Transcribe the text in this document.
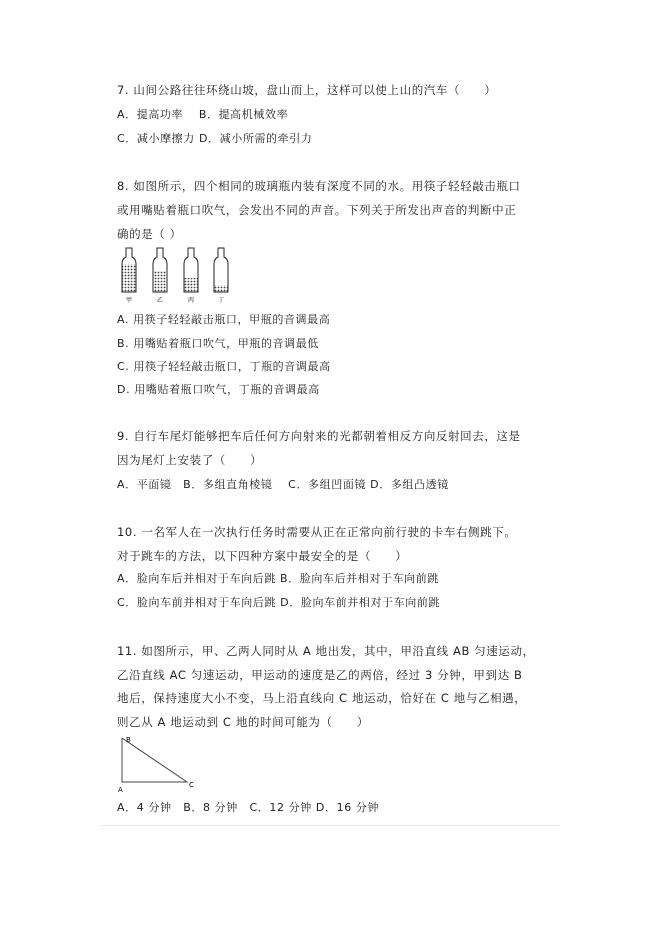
7. 山间公路往往环绕山坡，盘山而上，这样可以使上山的汽车（　　）
A．提高功率　 B．提高机械效率
C．减小摩擦力 D．减小所需的牵引力
8. 如图所示，四个相同的玻璃瓶内装有深度不同的水。用筷子轻轻敲击瓶口
或用嘴贴着瓶口吹气，会发出不同的声音。下列关于所发出声音的判断中正
确的是（ ）
甲	乙	丙	丁
A. 用筷子轻轻敲击瓶口，甲瓶的音调最高
B. 用嘴贴着瓶口吹气，甲瓶的音调最低
C. 用筷子轻轻敲击瓶口，丁瓶的音调最高
D. 用嘴贴着瓶口吹气，丁瓶的音调最高
9. 自行车尾灯能够把车后任何方向射来的光都朝着相反方向反射回去，这是
因为尾灯上安装了（　　）
A．平面镜　B．多组直角棱镜　 C．多组凹面镜 D．多组凸透镜
10. 一名军人在一次执行任务时需要从正在正常向前行驶的卡车右侧跳下。
对于跳车的方法，以下四种方案中最安全的是（　　）
A．脸向车后并相对于车向后跳 B．脸向车后并相对于车向前跳
C．脸向车前并相对于车向后跳 D．脸向车前并相对于车向前跳
11. 如图所示，甲、乙两人同时从 A 地出发，其中，甲沿直线 AB 匀速运动，
乙沿直线 AC 匀速运动，甲运动的速度是乙的两倍，经过 3 分钟，甲到达 B
地后，保持速度大小不变，马上沿直线向 C 地运动，恰好在 C 地与乙相遇，
则乙从 A 地运动到 C 地的时间可能为（　　）
B
A
C
A．4 分钟　B．8 分钟　C．12 分钟 D．16 分钟
